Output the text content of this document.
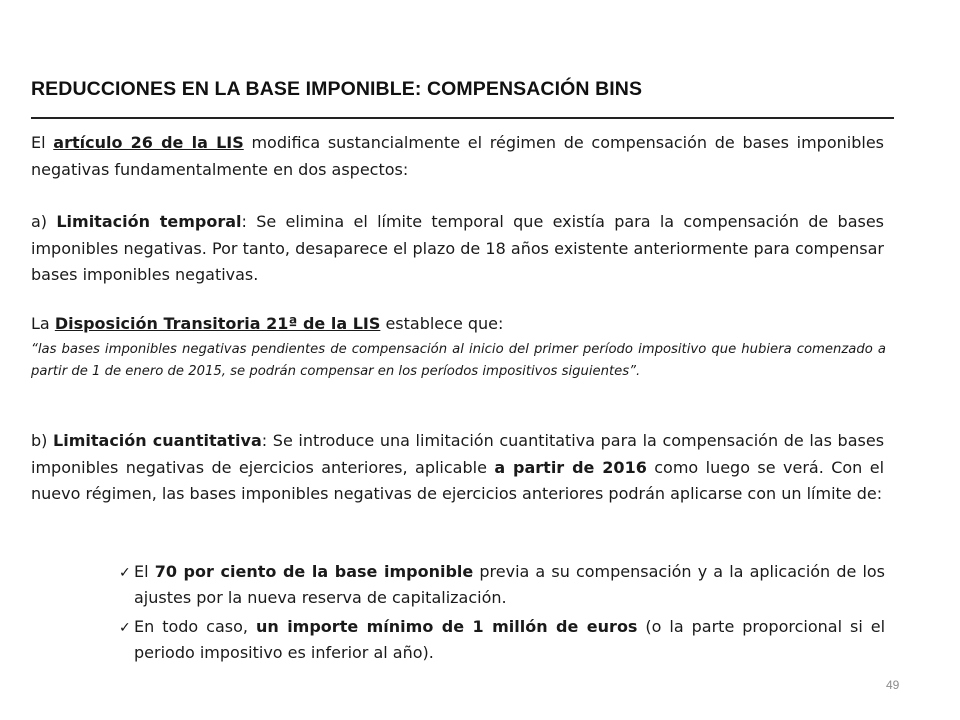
REDUCCIONES EN LA BASE IMPONIBLE: COMPENSACIÓN BINS

El artículo 26 de la LIS modifica sustancialmente el régimen de compensación de bases imponibles negativas fundamentalmente en dos aspectos:

a) Limitación temporal: Se elimina el límite temporal que existía para la compensación de bases imponibles negativas. Por tanto, desaparece el plazo de 18 años existente anteriormente para compensar bases imponibles negativas.

La Disposición Transitoria 21ª de la LIS establece que:

“las bases imponibles negativas pendientes de compensación al inicio del primer período impositivo que hubiera comenzado a partir de 1 de enero de 2015, se podrán compensar en los períodos impositivos siguientes”.

b) Limitación cuantitativa: Se introduce una limitación cuantitativa para la compensación de las bases imponibles negativas de ejercicios anteriores, aplicable a partir de 2016 como luego se verá. Con el nuevo régimen, las bases imponibles negativas de ejercicios anteriores podrán aplicarse con un límite de:

✓ El 70 por ciento de la base imponible previa a su compensación y a la aplicación de los ajustes por la nueva reserva de capitalización.
✓ En todo caso, un importe mínimo de 1 millón de euros (o la parte proporcional si el periodo impositivo es inferior al año).
49
